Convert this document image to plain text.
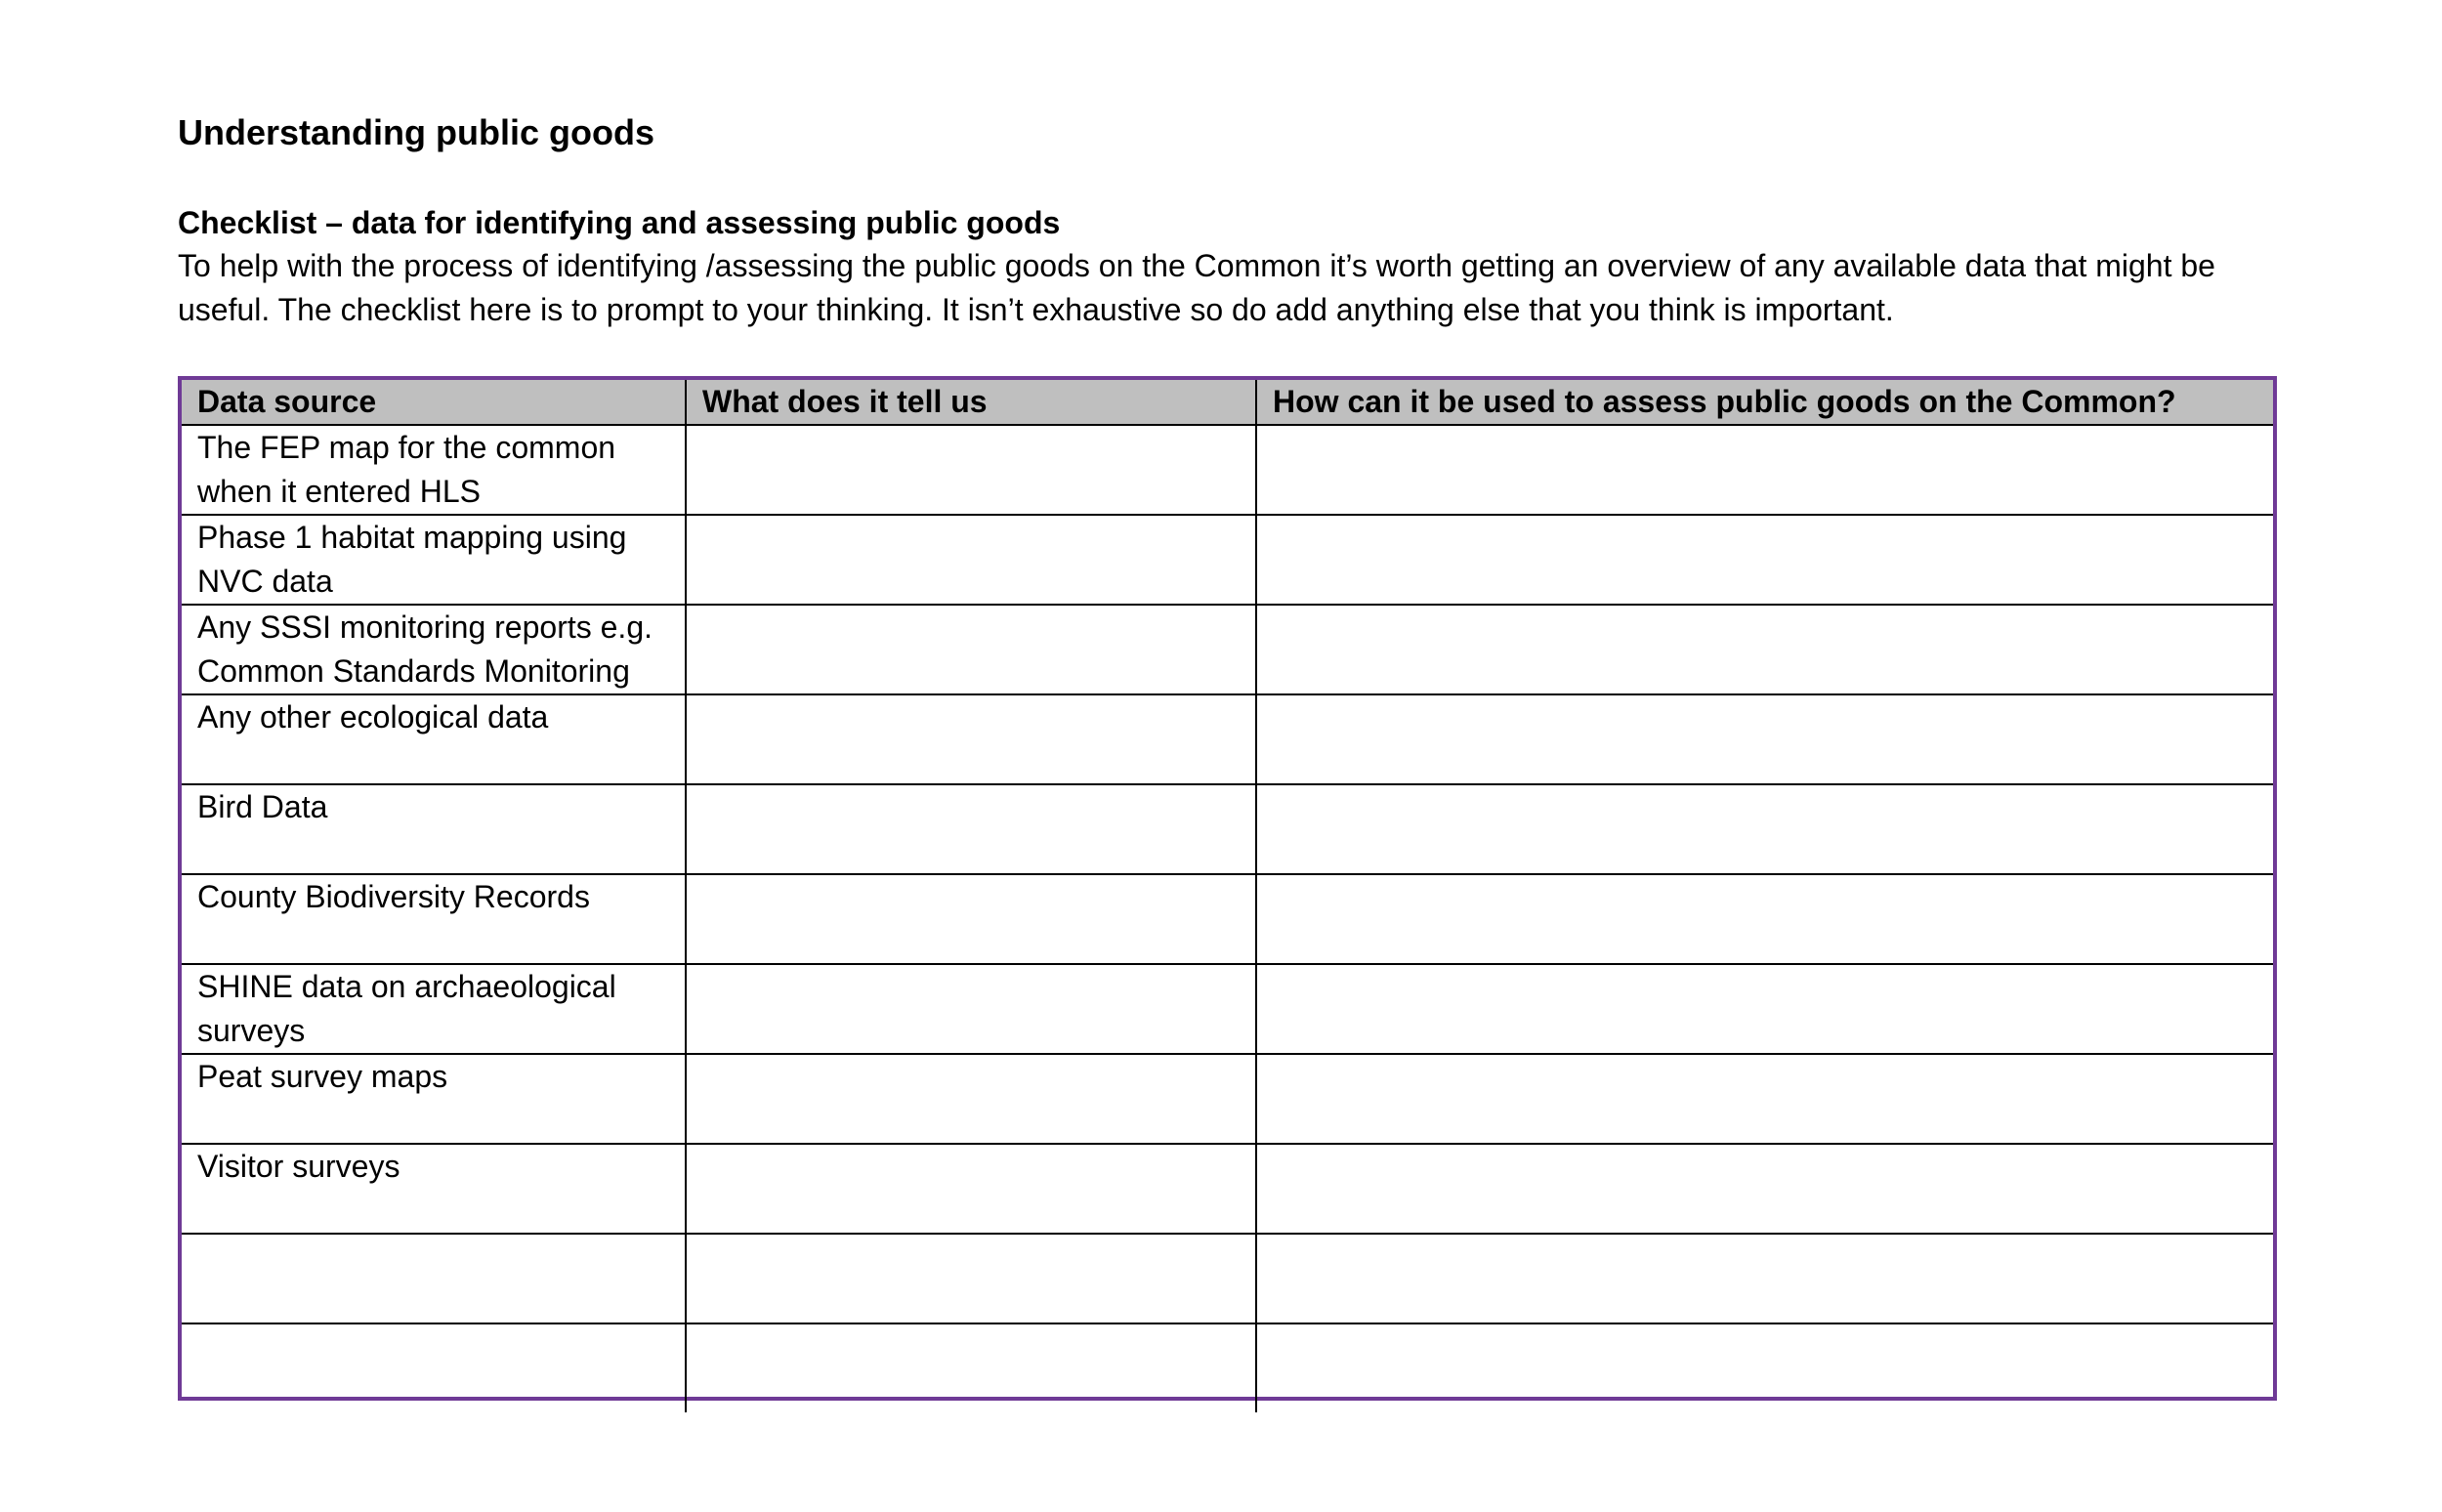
Understanding public goods
Checklist – data for identifying and assessing public goods

To help with the process of identifying /assessing the public goods on the Common it’s worth getting an overview of any available data that might be useful. The checklist here is to prompt to your thinking. It isn’t exhaustive so do add anything else that you think is important.

Data source	What does it tell us	How can it be used to assess public goods on the Common?
The FEP map for the common when it entered HLS		
Phase 1 habitat mapping using NVC data		
Any SSSI monitoring reports e.g. Common Standards Monitoring		
Any other ecological data		
Bird Data		
County Biodiversity Records		
SHINE data on archaeological surveys		
Peat survey maps		
Visitor surveys		
